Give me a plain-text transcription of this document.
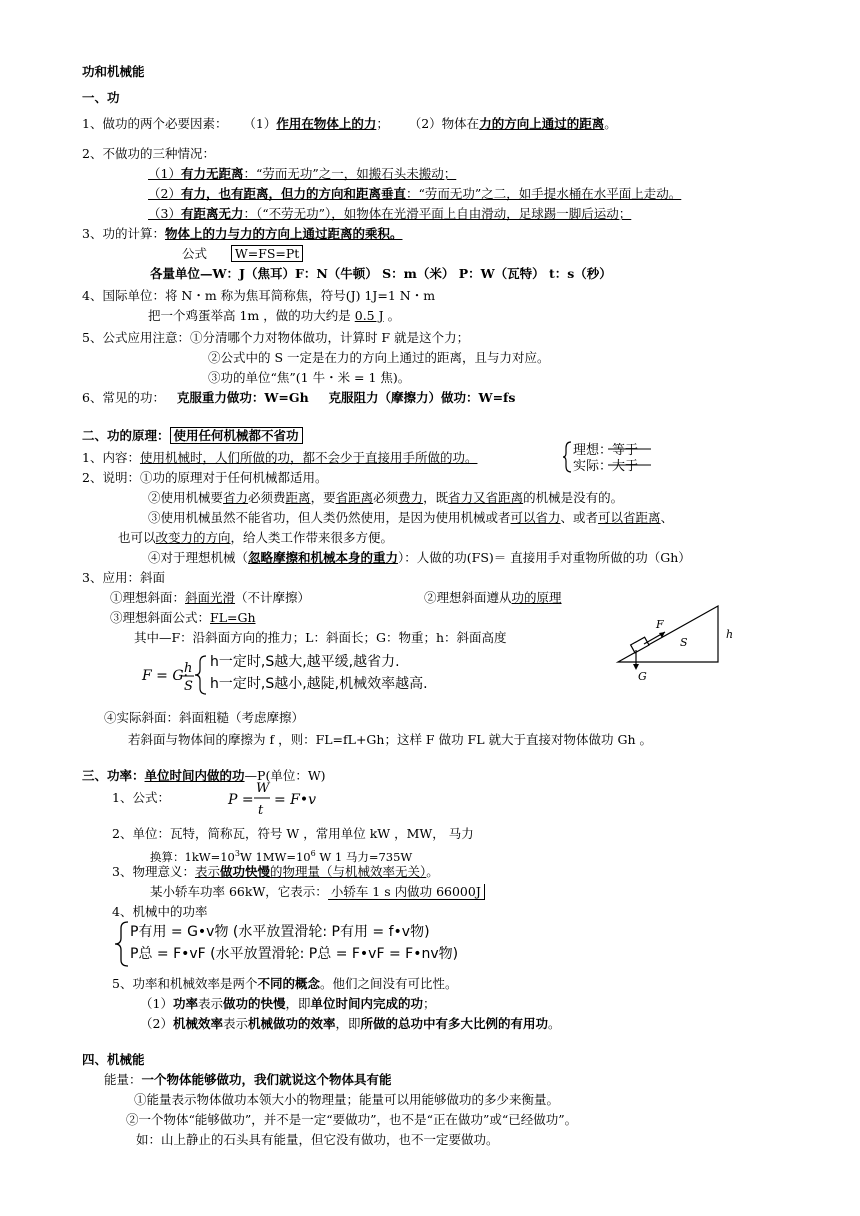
功和机械能
一、功
1、做功的两个必要因素： （1）作用在物体上的力； （2）物体在力的方向上通过的距离。
2、不做功的三种情况：
（1）有力无距离：“劳而无功”之一，如搬石头未搬动；
（2）有力，也有距离，但力的方向和距离垂直：“劳而无功”之二，如手提水桶在水平面上走动。
（3）有距离无力：（“不劳无功”），如物体在光滑平面上自由滑动，足球踢一脚后运动；
3、功的计算：物体上的力与力的方向上通过距离的乘积。
公式 W=FS=Pt
各量单位—W：J（焦耳）F：N（牛顿） S：m（米） P：W（瓦特） t：s（秒）
4、国际单位：将 N・m 称为焦耳简称焦，符号(J) 1J=1 N・m
把一个鸡蛋举高 1m ，做的功大约是 0.5 J 。
5、公式应用注意：①分清哪个力对物体做功，计算时 F 就是这个力；
②公式中的 S 一定是在力的方向上通过的距离，且与力对应。
③功的单位“焦”(1 牛・米 = 1 焦)。
6、常见的功： 克服重力做功：W=Gh 克服阻力（摩擦力）做功：W=fs
二、功的原理： 使用任何机械都不省功
1、内容：使用机械时，人们所做的功，都不会少于直接用手所做的功。	理想：等于
实际：大于
2、说明：①功的原理对于任何机械都适用。
②使用机械要省力必须费距离，要省距离必须费力，既省力又省距离的机械是没有的。
③使用机械虽然不能省功，但人类仍然使用，是因为使用机械或者可以省力、或者可以省距离、
也可以改变力的方向，给人类工作带来很多方便。
④对于理想机械（忽略摩擦和机械本身的重力）：人做的功(FS)＝ 直接用手对重物所做的功（Gh）
3、应用：斜面
①理想斜面：斜面光滑（不计摩擦）	②理想斜面遵从功的原理
③理想斜面公式：FL=Gh
其中—F：沿斜面方向的推力；L：斜面长；G：物重；h：斜面高度
F = G·
h
S
h一定时,S越大,越平缓,越省力.
h一定时,S越小,越陡,机械效率越高.
F
S
h
G
④实际斜面：斜面粗糙（考虑摩擦）
若斜面与物体间的摩擦为 f ，则：FL=fL+Gh；这样 F 做功 FL 就大于直接对物体做功 Gh 。
三、功率：单位时间内做的功—P(单位：W)
1、公式：	P =
W
t
= F•v
2、单位：瓦特，简称瓦，符号 W ，常用单位 kW ，MW， 马力
换算：$1kW=10^3W$ $1MW=10^6$ W 1 马力=735W
3、物理意义：表示做功快慢的物理量（与机械效率无关）。
某小轿车功率 66kW，它表示： 小轿车 1 s 内做功 66000J
4、机械中的功率
P有用 = G•v物 (水平放置滑轮: P有用 = f•v物)
P总 = F•vF (水平放置滑轮: P总 = F•vF = F•nv物)
5、功率和机械效率是两个不同的概念。他们之间没有可比性。
（1）功率表示做功的快慢，即单位时间内完成的功；
（2）机械效率表示机械做功的效率，即所做的总功中有多大比例的有用功。
四、机械能
能量：一个物体能够做功，我们就说这个物体具有能
①能量表示物体做功本领大小的物理量；能量可以用能够做功的多少来衡量。
②一个物体“能够做功”，并不是一定“要做功”，也不是“正在做功”或“已经做功”。
如：山上静止的石头具有能量，但它没有做功，也不一定要做功。
